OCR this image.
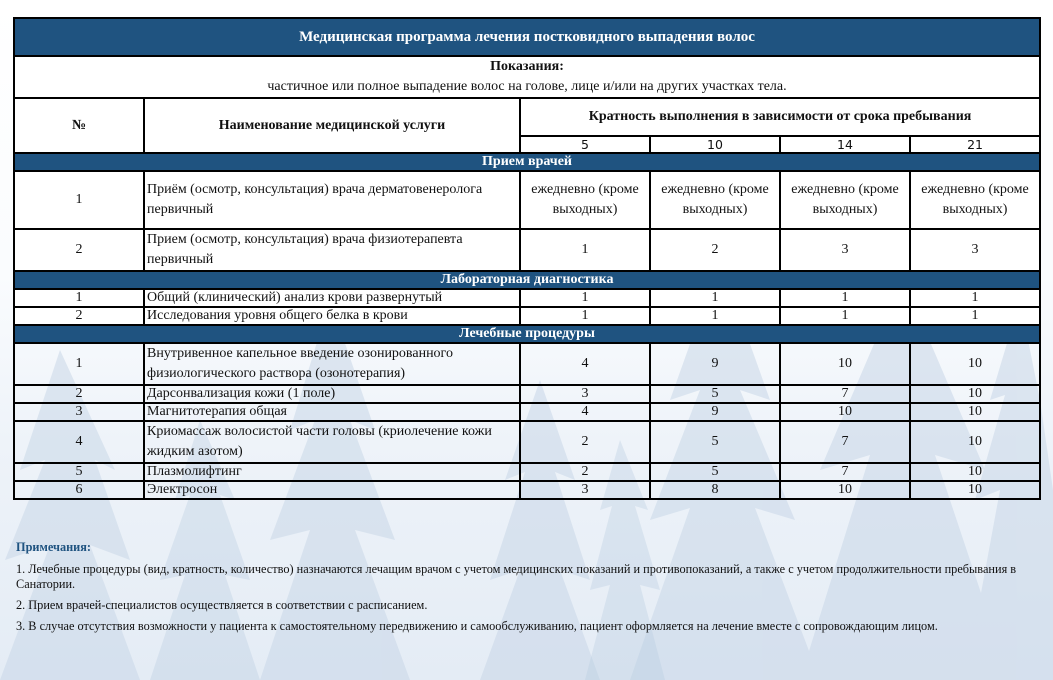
Медицинская программа лечения постковидного выпадения волос					

Показания:
частичное или полное выпадение волос на голове, лице и/или на других участках тела.					
№	Наименование медицинской услуги	Кратность выполнения в зависимости от срока пребывания			
		5	10	14	21
Прием врачей					
1	Приём (осмотр, консультация) врача дерматовенеролога первичный	ежедневно (кроме выходных)	ежедневно (кроме выходных)	ежедневно (кроме выходных)	ежедневно (кроме выходных)
2	Прием (осмотр, консультация) врача физиотерапевта первичный	1	2	3	3
Лабораторная диагностика					
1	Общий (клинический) анализ крови развернутый	1	1	1	1
2	Исследования уровня общего белка в крови	1	1	1	1
Лечебные процедуры					
1	Внутривенное капельное введение озонированного физиологического раствора (озонотерапия)	4	9	10	10
2	Дарсонвализация кожи (1 поле)	3	5	7	10
3	Магнитотерапия общая	4	9	10	10
4	Криомассаж волосистой части головы (криолечение кожи жидким азотом)	2	5	7	10
5	Плазмолифтинг	2	5	7	10
6	Электросон	3	8	10	10
Примечания:

1. Лечебные процедуры (вид, кратность, количество) назначаются лечащим врачом с учетом медицинских показаний и противопоказаний, а также с учетом продолжительности пребывания в Санатории.

2. Прием врачей-специалистов осуществляется в соответствии с расписанием.

3. В случае отсутствия возможности у пациента к самостоятельному передвижению и самообслуживанию, пациент оформляется на лечение вместе с сопровождающим лицом.
